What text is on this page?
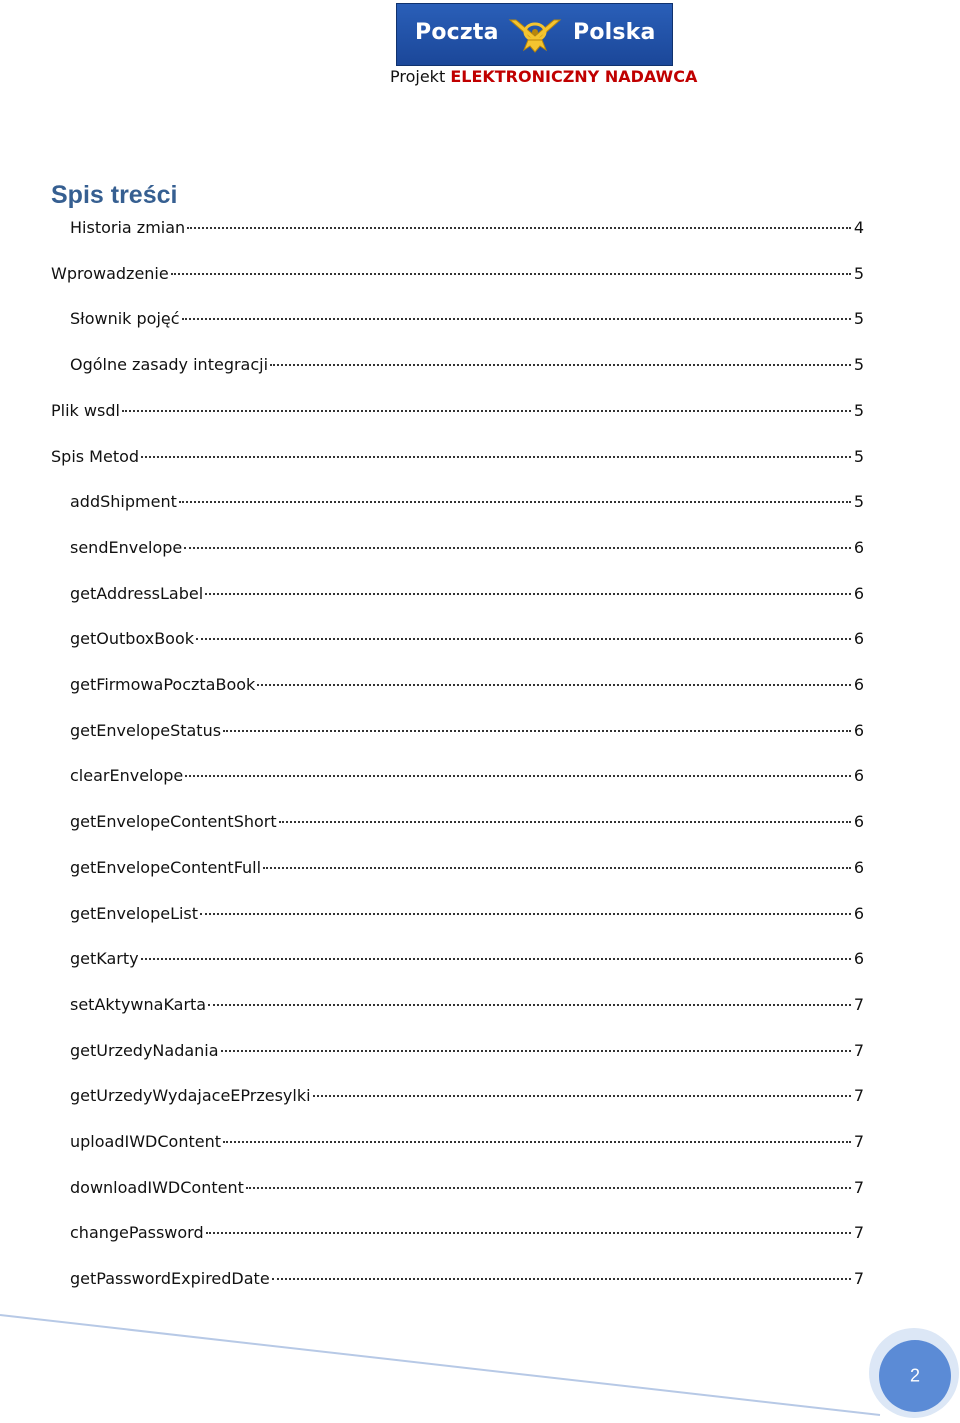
Poczta	Polska
Projekt ELEKTRONICZNY NADAWCA
Spis treści
Historia zmian	4
Wprowadzenie	5
Słownik pojęć	5
Ogólne zasady integracji	5
Plik wsdl	5
Spis Metod	5
addShipment	5
sendEnvelope	6
getAddressLabel	6
getOutboxBook	6
getFirmowaPocztaBook	6
getEnvelopeStatus	6
clearEnvelope	6
getEnvelopeContentShort	6
getEnvelopeContentFull	6
getEnvelopeList	6
getKarty	6
setAktywnaKarta	7
getUrzedyNadania	7
getUrzedyWydajaceEPrzesylki	7
uploadIWDContent	7
downloadIWDContent	7
changePassword	7
getPasswordExpiredDate	7
2
